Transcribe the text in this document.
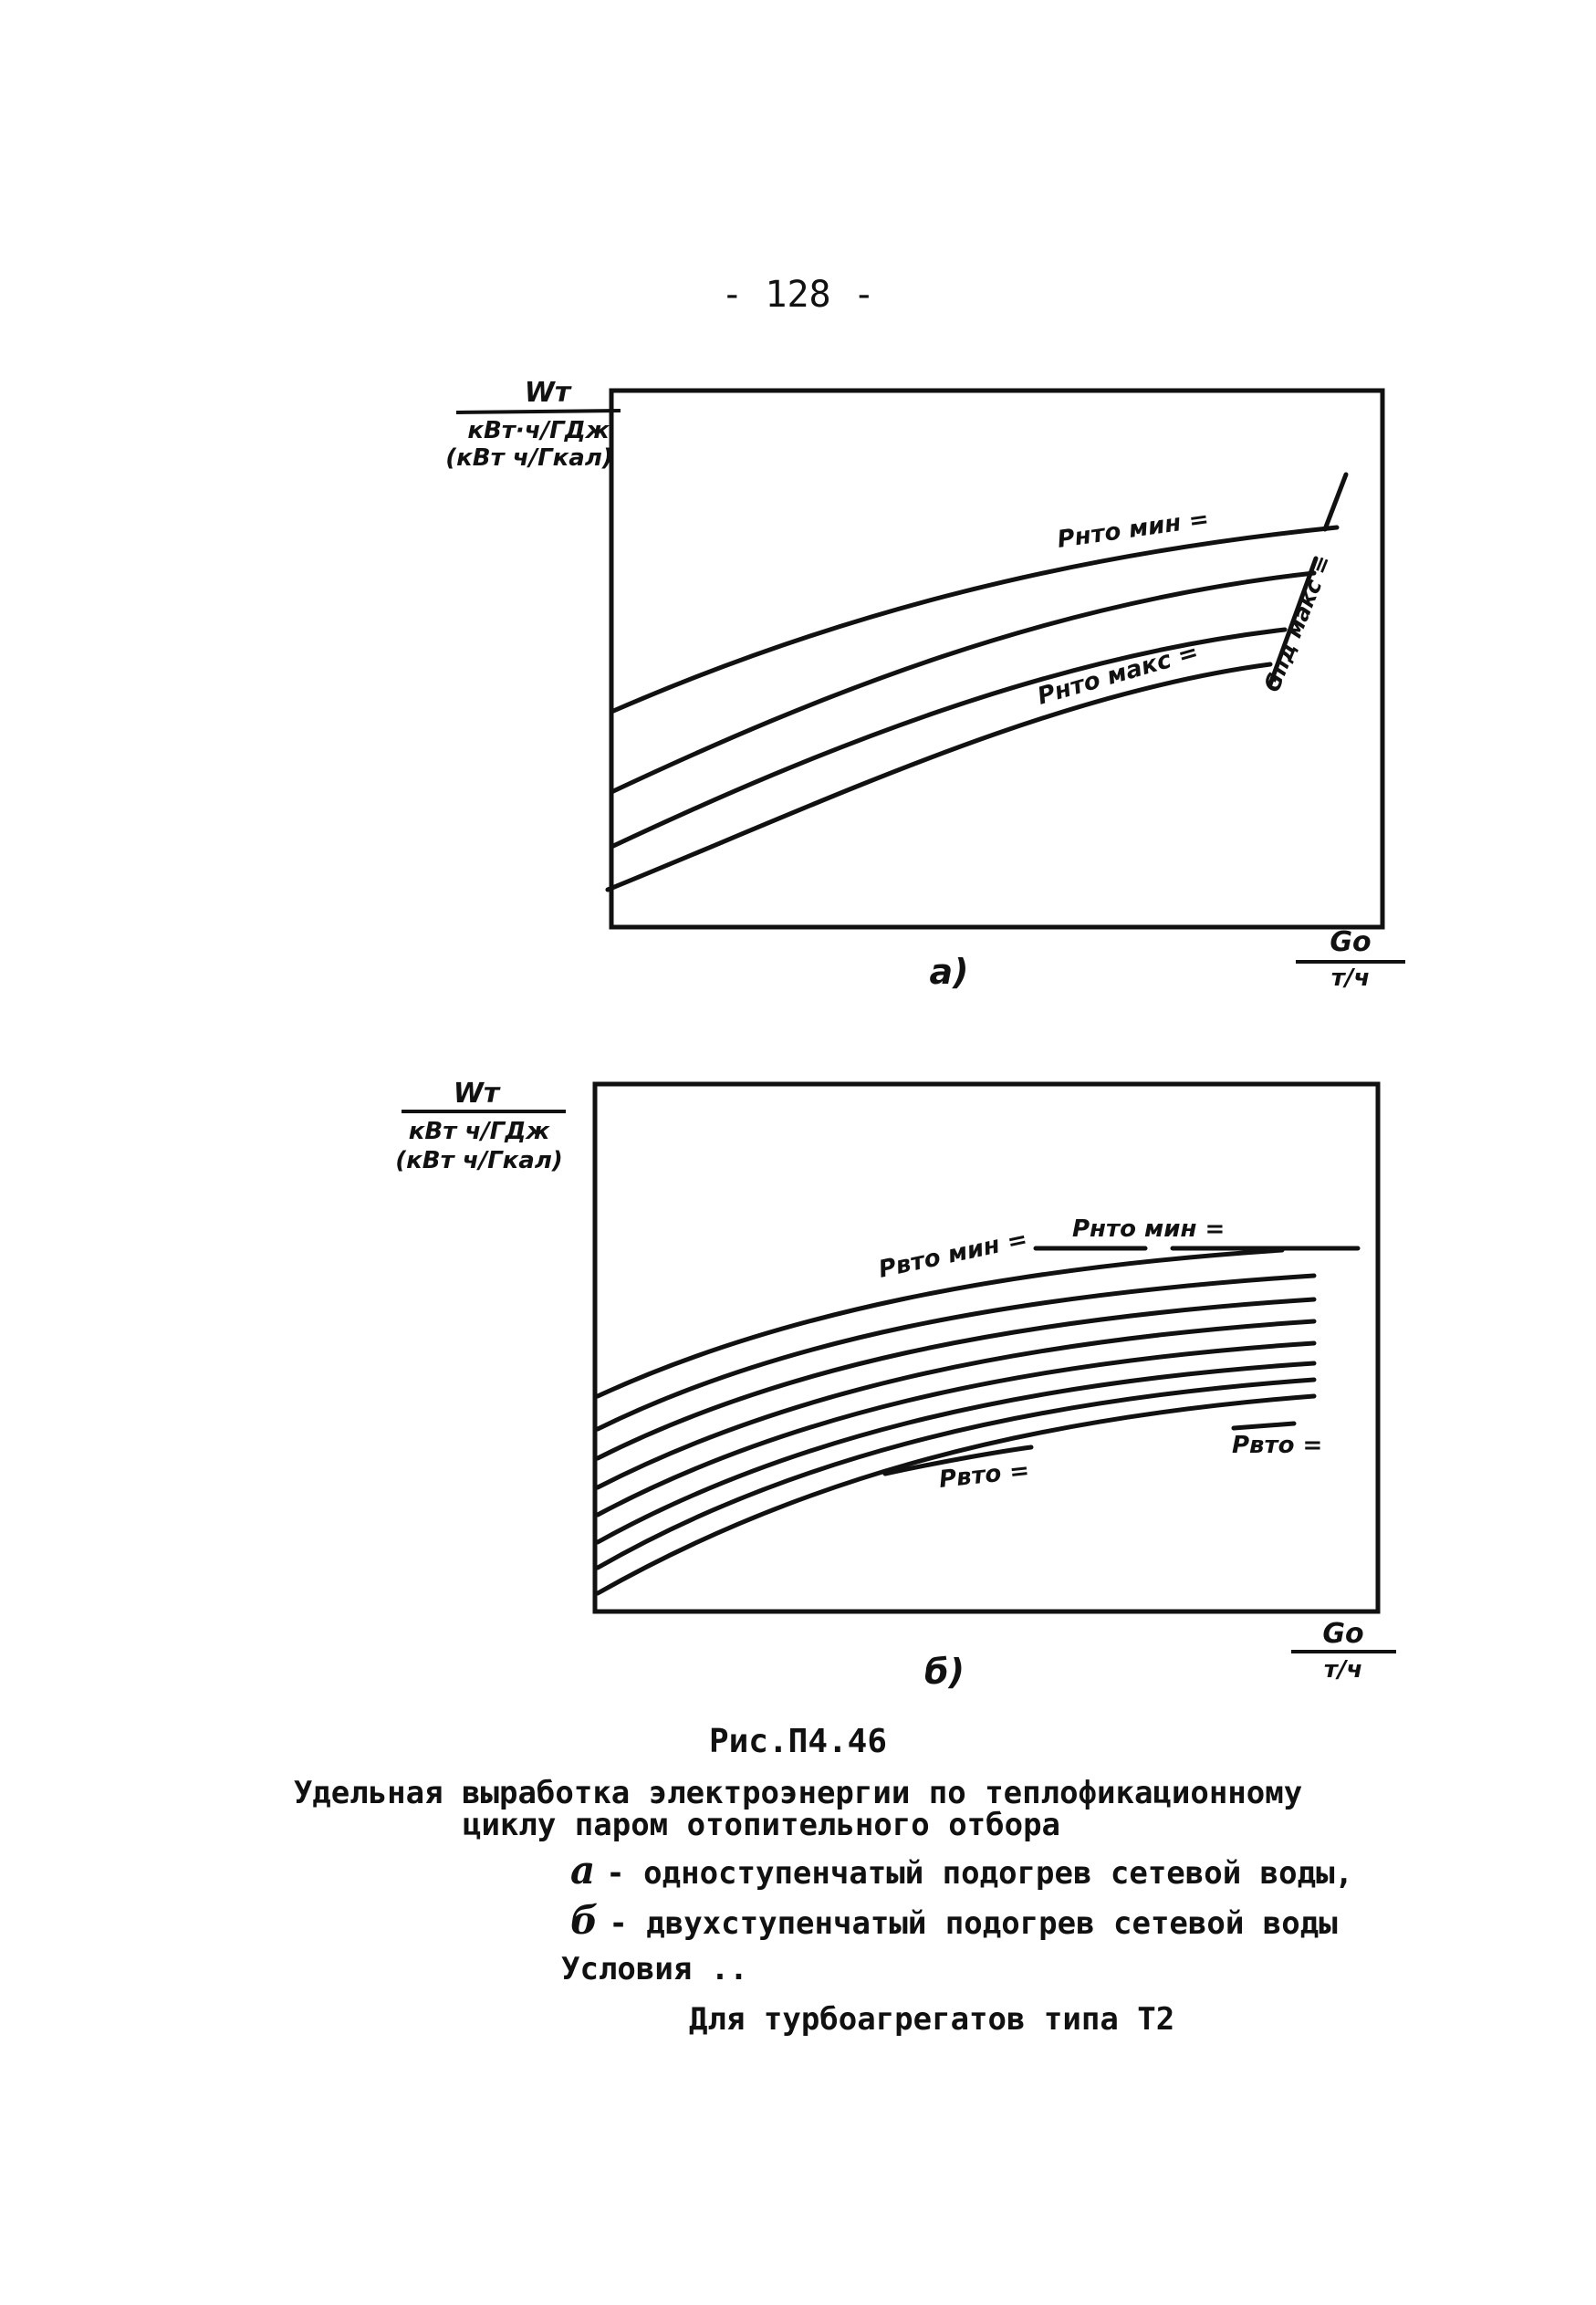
- 128 -
Wт
кВт·ч/ГДж
(кВт ч/Гкал)
Pнто мин =
Pнто макс =	Gпд макс =
Gо
т/ч
а)
Wт
кВт ч/ГДж
(кВт ч/Гкал)
Pвто мин = Pнто мин =
Pвто =
Pвто =
Gо
т/ч
б)
Рис.П4.46
Удельная выработка электроэнергии по теплофикационному
циклу паром отопительного отбора
а - одноступенчатый подогрев сетевой воды,
б - двухступенчатый подогрев сетевой воды
Условия ..
Для турбоагрегатов типа Т2
